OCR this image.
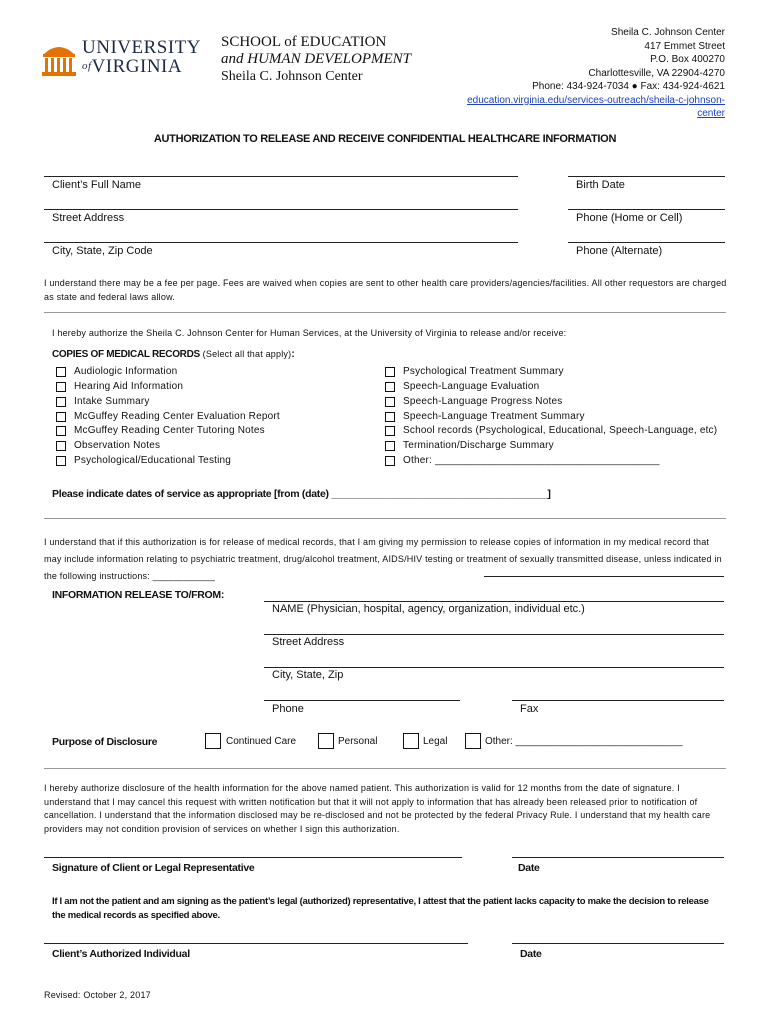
UNIVERSITY
$^{of}$VIRGINIA
SCHOOL of EDUCATION
and HUMAN DEVELOPMENT
Sheila C. Johnson Center
Sheila C. Johnson Center
417 Emmet Street
P.O. Box 400270
Charlottesville, VA 22904-4270
Phone: 434-924-7034 ● Fax: 434-924-4621
education.virginia.edu/services-outreach/sheila-c-johnson-
center
AUTHORIZATION TO RELEASE AND RECEIVE CONFIDENTIAL HEALTHCARE INFORMATION
Client’s Full Name	Birth Date
Street Address	Phone (Home or Cell)
City, State, Zip Code	Phone (Alternate)
I understand there may be a fee per page. Fees are waived when copies are sent to other health care providers/agencies/facilities. All other requestors are charged as state and federal laws allow.
I hereby authorize the Sheila C. Johnson Center for Human Services, at the University of Virginia to release and/or receive:
COPIES OF MEDICAL RECORDS (Select all that apply):
Audiologic Information
Hearing Aid Information
Intake Summary
McGuffey Reading Center Evaluation Report
McGuffey Reading Center Tutoring Notes
Observation Notes
Psychological/Educational Testing
Psychological Treatment Summary
Speech-Language Evaluation
Speech-Language Progress Notes
Speech-Language Treatment Summary
School records (Psychological, Educational, Speech-Language, etc)
Termination/Discharge Summary
Other: _______________________________________
Please indicate dates of service as appropriate [from (date) _______________________________________]
I understand that if this authorization is for release of medical records, that I am giving my permission to release copies of information in my medical record that may include information relating to psychiatric treatment, drug/alcohol treatment, AIDS/HIV testing or treatment of sexually transmitted disease, unless indicated in the following instructions: ____________
INFORMATION RELEASE TO/FROM:
NAME (Physician, hospital, agency, organization, individual etc.)
Street Address
City, State, Zip
Phone	Fax
Purpose of Disclosure	Continued Care	Personal	Legal	Other: ______________________________
I hereby authorize disclosure of the health information for the above named patient. This authorization is valid for 12 months from the date of signature. I understand that I may cancel this request with written notification but that it will not apply to information that has already been released prior to notification of cancellation. I understand that the information disclosed may be re-disclosed and not be protected by the federal Privacy Rule. I understand that my health care providers may not condition provision of services on whether I sign this authorization.
Signature of Client or Legal Representative	Date
If I am not the patient and am signing as the patient’s legal (authorized) representative, I attest that the patient lacks capacity to make the decision to release the medical records as specified above.
Client’s Authorized Individual	Date
Revised: October 2, 2017
